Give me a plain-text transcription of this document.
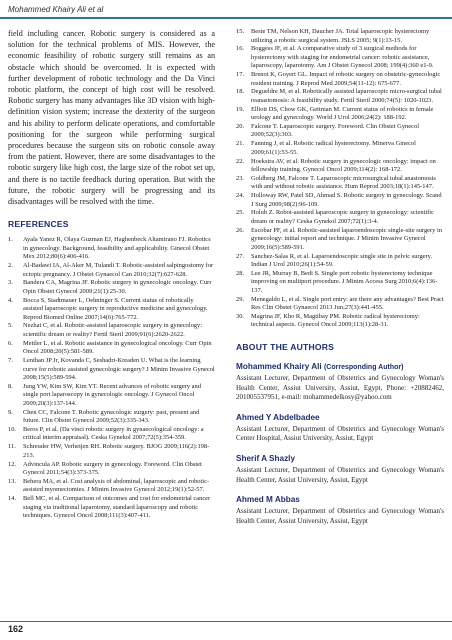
Mohammed Khairy Ali et al

field including cancer. Robotic surgery is considered as a solution for the technical problems of MIS. However, the economic feasibility of robotic surgery still remains as an obstacle which should be overcomed. It is expected with further development of robotic technology and the Da Vinci robotic platform, the concept of high cost will be resolved. Robotic surgery has many advantages like 3D vision with high-definition vision system; increase the dexterity of the surgeon and his ability to perform delicate operations, and comfortable positioning for the surgeon while performing surgical procedures because the surgeon sits on robotic console away from the patient. However, there are some disadvantages to the robotic surgery like high cost, the large size of the robot set up, and there is no tactile feedback during operation. But with the future, the robotic surgery will be progressing and its disadvantages will be resolved with the time.

REFERENCES
1. Ayala Yanez R, Olaya Guzman EJ, Haghenbeck Altamirano FJ. Robotics in gynecology. Background, feasibility and applicability. Ginecol Obstet Mex 2012;80(6):406-416.
2. Al-Badawi IA, Al-Aker M, Tulandi T. Robotic-assisted salpingostomy for ectopic pregnancy. J Obstet Gynaecol Can 2010;32(7):627-628.
3. Bandera CA, Magrina JF. Robotic surgery in gynecologic oncology. Curr Opin Obstet Gynecol 2009;21(1):25-30.
4. Bocca S, Stadtmauer L, Oehninger S. Current status of robotically assisted laparoscopic surgery in reproductive medicine and gynecology. Reprod Biomed Online 2007;14(6):765-772.
5. Nezhat C, et al. Robotic-assisted laparoscopic surgery in gynecology: scientific dream or reality? Fertil Steril 2009;91(6):2620-2622.
6. Mettler L, et al. Robotic assistance in gynecological oncology. Curr Opin Oncol 2008;20(5):581-589.
7. Lenihan JP Jr, Kovanda C, Seshadri-Kreaden U. What is the learning curve for robotic assisted gynecologic surgery? J Minim Invasive Gynecol 2008;15(5):589-594.
8. Jung YW, Kim SW, Kim YT. Recent advances of robotic surgery and single port laparoscopy in gynecologic oncology. J Gynecol Oncol 2009;20(3):137-144.
9. Chen CC, Falcone T. Robotic gynecologic surgery: past, present and future. Clin Obstet Gynecol 2009;52(3):335-343.
10. Beros P, et al. (Da vinci robotic surgery in gynaecological oncology: a critical interim appraisal). Ceska Gynekol 2007;72(5):354-359.
11. Schreuder HW, Verheijen RH. Robotic surgery. BJOG 2009;116(2):198-213.
12. Advincula AP. Robotic surgery in gynecology. Foreword. Clin Obstet Gynecol 2011;54(3):373-375.
13. Behera MA, et al. Cost analysis of abdominal, laparoscopic and robotic-assisted myomectomies. J Minim Invasive Gynecol 2012;19(1):52-57.
14. Bell MC, et al. Comparison of outcomes and cost for endometrial cancer staging via traditional laparotomy, standard laparoscopy and robotic techniques. Gynecol Oncol 2008;111(3):407-411.
15. Beste TM, Nelson KH, Daucher JA. Total laparoscopic hysterectomy utilizing a robotic surgical system. JSLS 2005; 9(1):13-15.
16. Boggess JF, et al. A comparative study of 3 surgical methods for hysterectomy with staging for endometrial cancer: robotic assistance, laparoscopy, laparotomy. Am J Obstet Gynecol 2008; 199(4):360 e1-9.
17. Brenot K, Goyert GL. Impact of robotic surgery on obstetric-gynecologic resident training. J Reprod Med 2009;54(11-12): 675-677.
18. Degueldre M, et al. Robotically assisted laparoscopic micro-surgical tubal reanastomosis: A feasibility study. Fertil Steril 2000;74(5): 1020-1023.
19. Elliott DS, Chow GK, Gettman M. Current status of robotics in female urology and gynecology. World J Urol 2006;24(2): 188-192.
20. Falcone T. Laparoscopic surgery. Foreword. Clin Obstet Gynecol 2009;52(3):303.
21. Fanning J, et al. Robotic radical hysterectomy. Minerva Ginecol 2009;61(1):53-55.
22. Hoekstra AV, et al. Robotic surgery in gynecologic oncology: impact on fellowship training. Gynecol Oncol 2009;114(2): 168-172.
23. Goldberg JM, Falcone T. Laparoscopic microsurgical tubal anastomosis with and without robotic assistance. Hum Reprod 2003;18(1):145-147.
24. Holloway RW, Patel SD, Ahmad S. Robotic surgery in gynecology. Scand J Surg 2009;98(2):96-109.
25. Holub Z. Robot-assisted laparoscopic surgery in gynecology: scientific dream or reality? Ceska Gynekol 2007;72(1):3-4.
26. Escobar PF, et al. Robotic-assisted laparoendoscopic single-site surgery in gynecology: initial report and technique. J Minim Invasive Gynecol 2009;16(5):589-591.
27. Sanchez-Salas R, et al. Laparoendoscopic single site in pelvic surgery. Indian J Urol 2010;26(1):54-59.
28. Lee JR, Murray B, Bedi S. Single port robotic hysterectomy technique improving on multiport procedure. J Minim Access Surg 2010;6(4):136-137.
29. Menegaldo L, et al. Single port entry: are there any advantages? Best Pract Res Clin Obstet Gynaecol 2013 Jun;27(3):441-455.
30. Magrina JF, Kho R, Magtibay PM. Robotic radical hysterectomy: technical aspects. Gynecol Oncol 2009;113(1):28-31.
ABOUT THE AUTHORS
Mohammed Khairy Ali (Corresponding Author)

Assistant Lecturer, Department of Obstetrics and Gynecology Woman's Health Center, Assiut University, Assiut, Egypt, Phone: +20882462, 201005537951, e-mail: mohammedelkosy@yahoo.com

Ahmed Y Abdelbadee

Assistant Lecturer, Department of Obstetrics and Gynecology Woman's Center Hospital, Assiut University, Assiut, Egypt

Sherif A Shazly

Assistant Lecturer, Department of Obstetrics and Gynecology Woman's Health Center, Assiut University, Assiut, Egypt

Ahmed M Abbas

Assistant Lecturer, Department of Obstetrics and Gynecology Woman's Health Center, Assiut University, Assiut, Egypt

162
